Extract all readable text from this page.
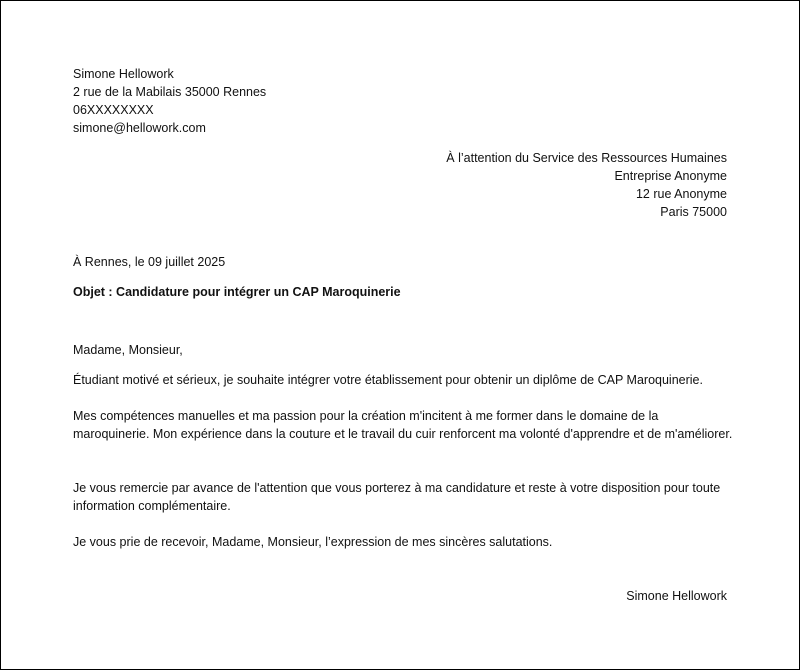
Simone Hellowork
2 rue de la Mabilais 35000 Rennes
06XXXXXXXX
simone@hellowork.com
À l’attention du Service des Ressources Humaines
Entreprise Anonyme
12 rue Anonyme
Paris 75000
À Rennes, le 09 juillet 2025
Objet : Candidature pour intégrer un CAP Maroquinerie
Madame, Monsieur,
Étudiant motivé et sérieux, je souhaite intégrer votre établissement pour obtenir un diplôme de CAP Maroquinerie.
Mes compétences manuelles et ma passion pour la création m'incitent à me former dans le domaine de la maroquinerie. Mon expérience dans la couture et le travail du cuir renforcent ma volonté d'apprendre et de m'améliorer.
Je vous remercie par avance de l'attention que vous porterez à ma candidature et reste à votre disposition pour toute information complémentaire.
Je vous prie de recevoir, Madame, Monsieur, l’expression de mes sincères salutations.
Simone Hellowork
